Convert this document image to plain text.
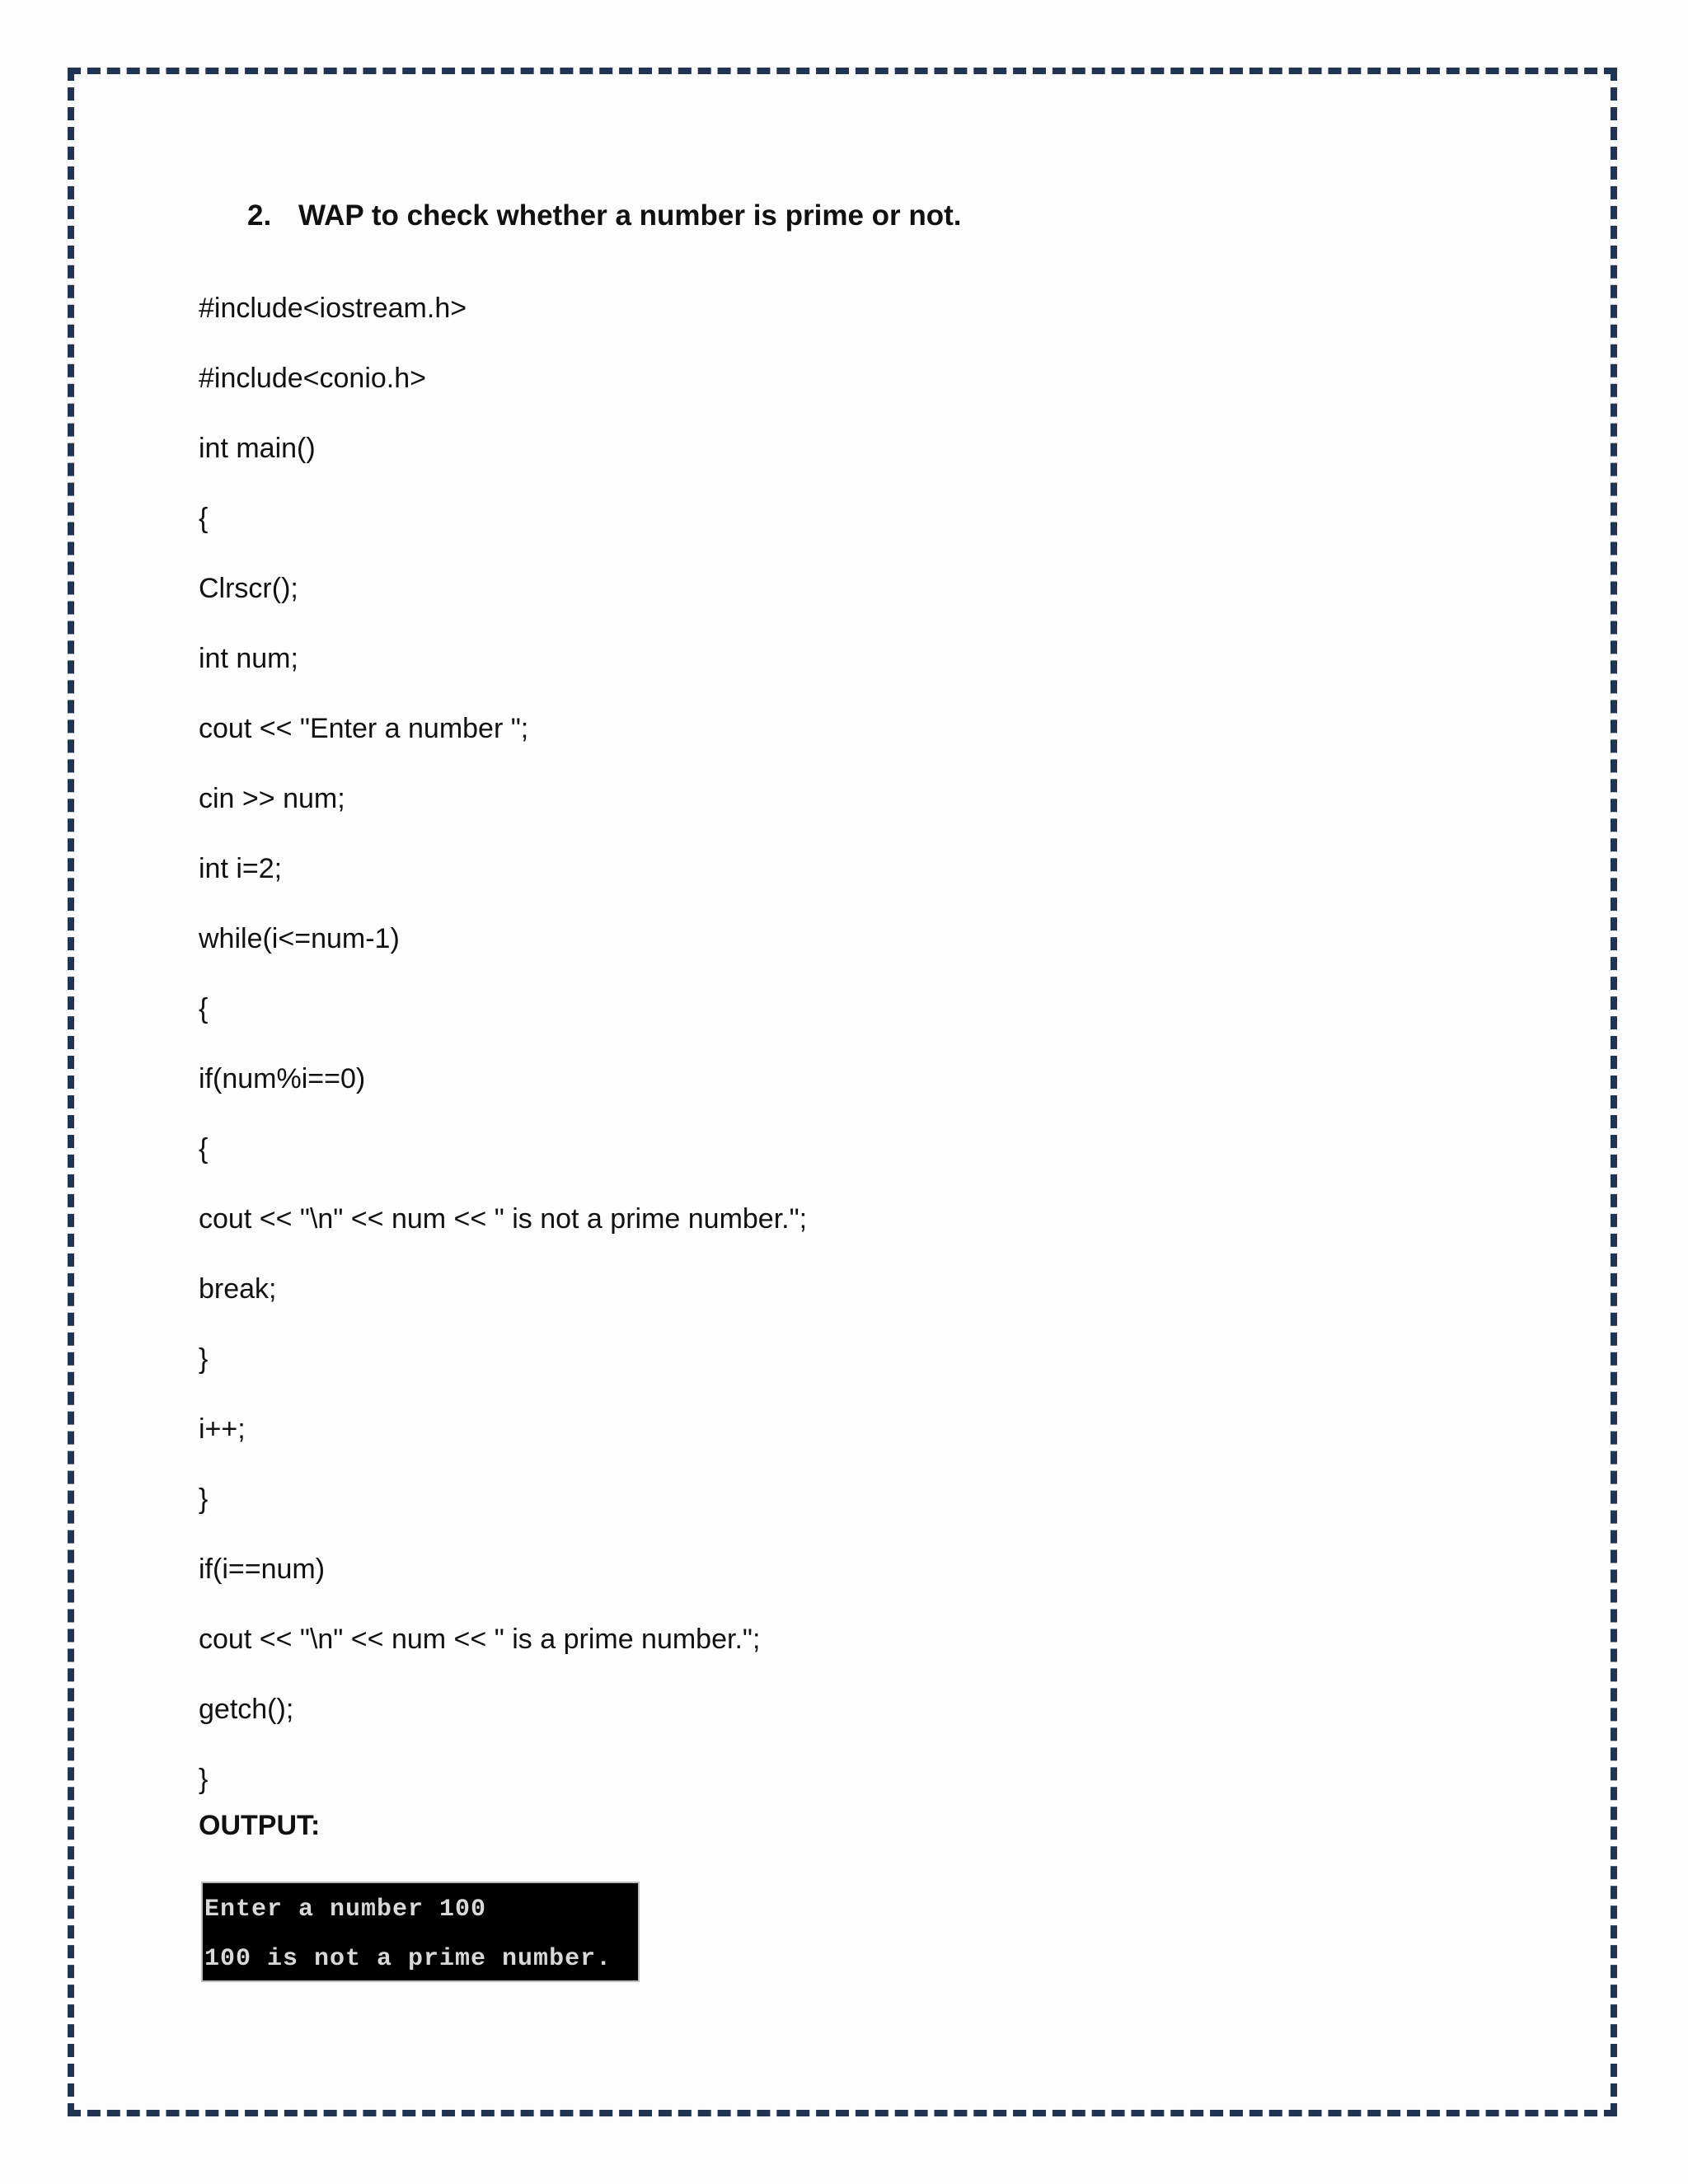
2. WAP to check whether a number is prime or not.
#include<iostream.h>
#include<conio.h>
int main()
{
Clrscr();
int num;
cout << "Enter a number ";
cin >> num;
int i=2;
while(i<=num-1)
{
if(num%i==0)
{
cout << "\n" << num << " is not a prime number.";
break;
}
i++;
}
if(i==num)
cout << "\n" << num << " is a prime number.";
getch();
}
OUTPUT:
Enter a number 100
100 is not a prime number.
